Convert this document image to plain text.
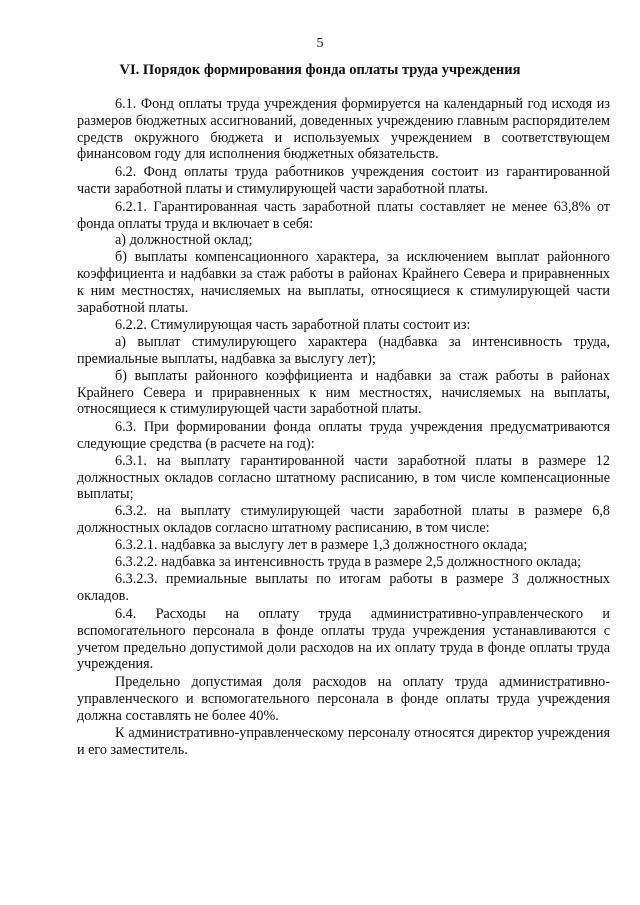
5
VI. Порядок формирования фонда оплаты труда учреждения

6.1. Фонд оплаты труда учреждения формируется на календарный год исходя из размеров бюджетных ассигнований, доведенных учреждению главным распорядителем средств окружного бюджета и используемых учреждением в соответствующем финансовом году для исполнения бюджетных обязательств.

6.2. Фонд оплаты труда работников учреждения состоит из гарантированной части заработной платы и стимулирующей части заработной платы.

6.2.1. Гарантированная часть заработной платы составляет не менее 63,8% от фонда оплаты труда и включает в себя:

а) должностной оклад;

б) выплаты компенсационного характера, за исключением выплат районного коэффициента и надбавки за стаж работы в районах Крайнего Севера и приравненных к ним местностях, начисляемых на выплаты, относящиеся к стимулирующей части заработной платы.

6.2.2. Стимулирующая часть заработной платы состоит из:

а) выплат стимулирующего характера (надбавка за интенсивность труда, премиальные выплаты, надбавка за выслугу лет);

б) выплаты районного коэффициента и надбавки за стаж работы в районах Крайнего Севера и приравненных к ним местностях, начисляемых на выплаты, относящиеся к стимулирующей части заработной платы.

6.3. При формировании фонда оплаты труда учреждения предусматриваются следующие средства (в расчете на год):

6.3.1. на выплату гарантированной части заработной платы в размере 12 должностных окладов согласно штатному расписанию, в том числе компенсационные выплаты;

6.3.2. на выплату стимулирующей части заработной платы в размере 6,8 должностных окладов согласно штатному расписанию, в том числе:

6.3.2.1. надбавка за выслугу лет в размере 1,3 должностного оклада;

6.3.2.2. надбавка за интенсивность труда в размере 2,5 должностного оклада;

6.3.2.3. премиальные выплаты по итогам работы в размере 3 должностных окладов.

6.4. Расходы на оплату труда административно-управленческого и вспомогательного персонала в фонде оплаты труда учреждения устанавливаются с учетом предельно допустимой доли расходов на их оплату труда в фонде оплаты труда учреждения.

Предельно допустимая доля расходов на оплату труда административно-управленческого и вспомогательного персонала в фонде оплаты труда учреждения должна составлять не более 40%.

К административно-управленческому персоналу относятся директор учреждения и его заместитель.
